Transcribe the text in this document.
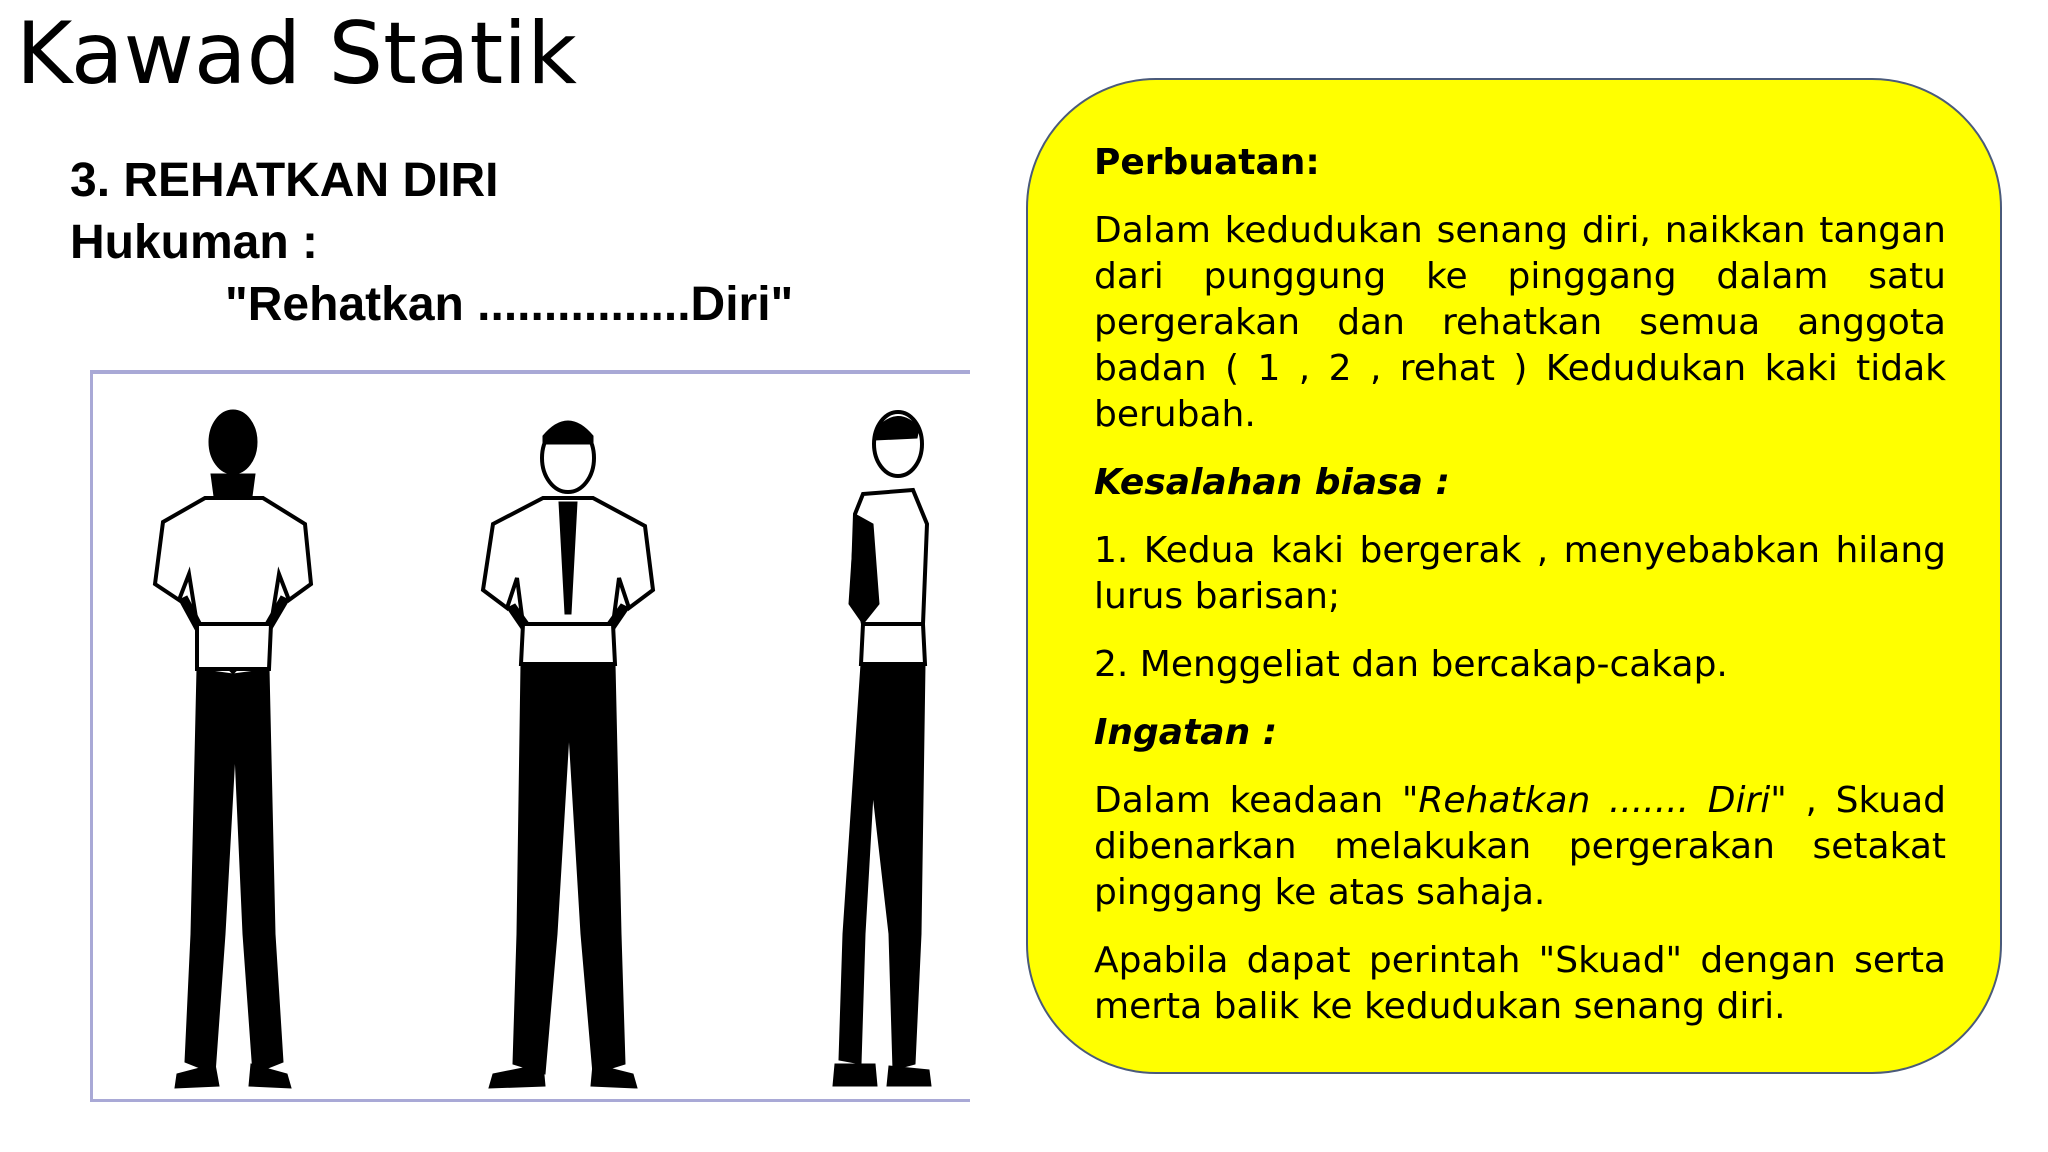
Kawad Statik
3. REHATKAN DIRI
Hukuman :
"Rehatkan ................Diri"

Perbuatan:

Dalam kedudukan senang diri, naikkan tangan dari punggung ke pinggang dalam satu pergerakan dan rehatkan semua anggota badan ( 1 , 2 , rehat ) Kedudukan kaki tidak berubah.

Kesalahan biasa :

1. Kedua kaki bergerak , menyebabkan hilang lurus barisan;

2. Menggeliat dan bercakap-cakap.

Ingatan :

Dalam keadaan "Rehatkan ....... Diri" , Skuad dibenarkan melakukan pergerakan setakat pinggang ke atas sahaja.

Apabila dapat perintah "Skuad" dengan serta merta balik ke kedudukan senang diri.
